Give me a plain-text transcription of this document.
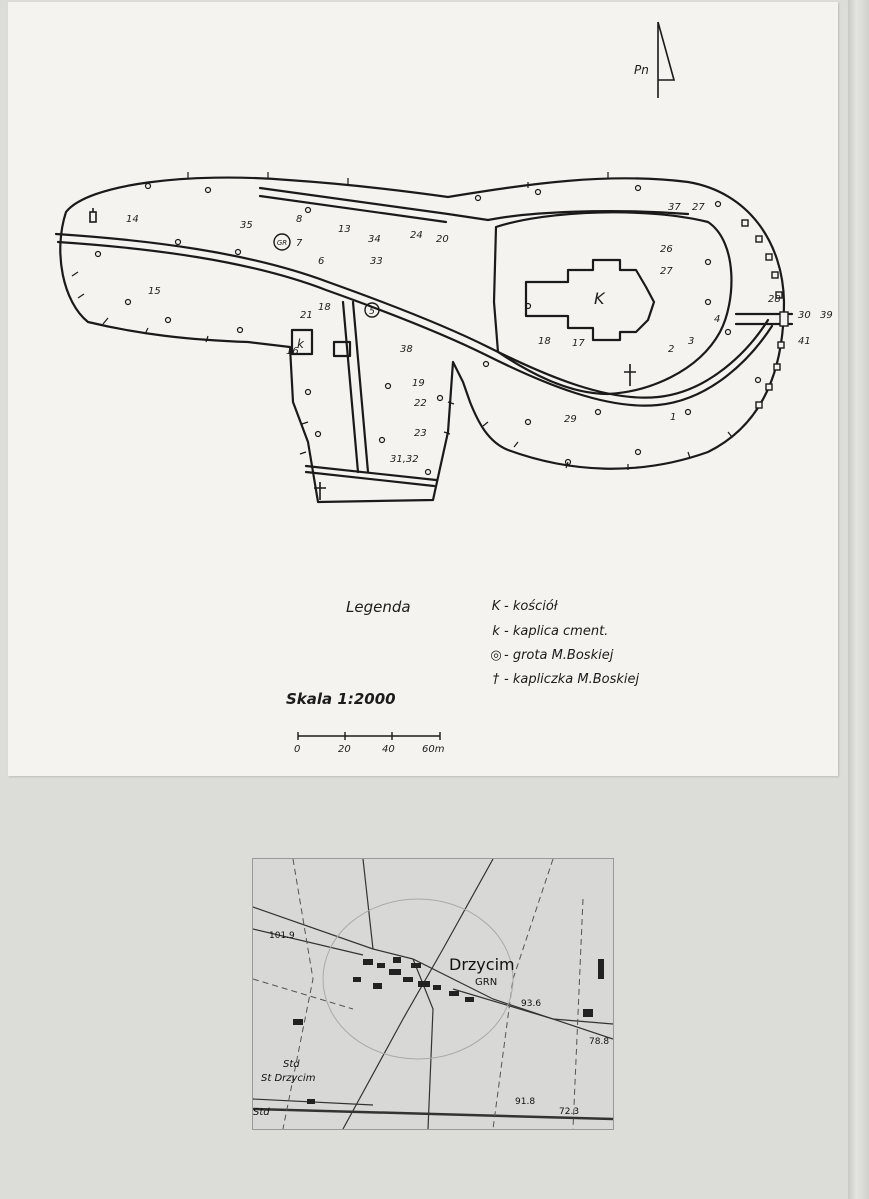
GR
5
K
k
14
15
35
8
7
13
34	24 20
6	33
21
18
16	38
19
22
23
31,32
26
27
18 17
2
3
4
1
29
37 27
28
30 39
41
Pn
0	20	40	60m
Legenda	K - kościół
k - kaplica cment.
◎ - grota M.Boskiej
† - kapliczka M.Boskiej
Skala 1:2000
Drzycim
GRN
101.9
93.6
78.8
91.8
72.3
Std
St Drzycim
Std
